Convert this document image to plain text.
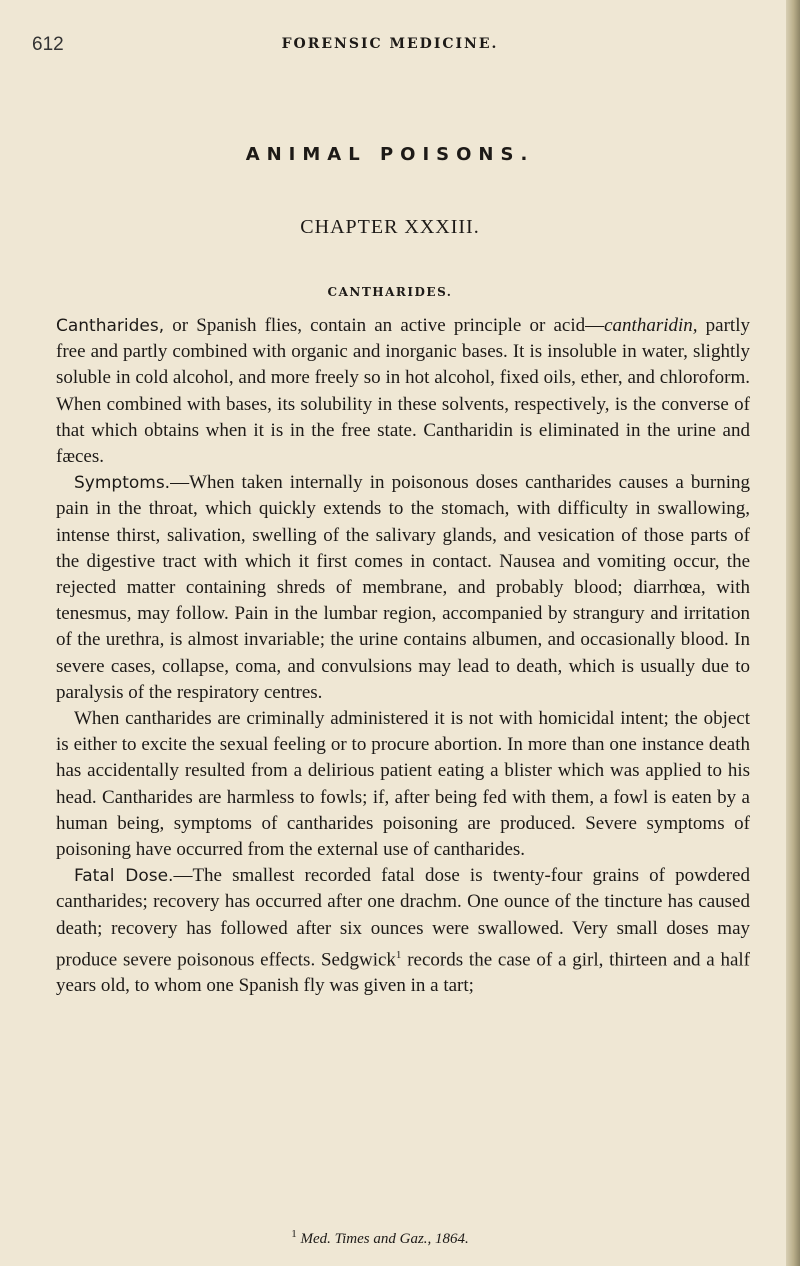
612	FORENSIC MEDICINE.
ANIMAL POISONS.
CHAPTER XXXIII.
CANTHARIDES.

Cantharides, or Spanish flies, contain an active principle or acid—cantharidin, partly free and partly combined with organic and inorganic bases. It is insoluble in water, slightly soluble in cold alcohol, and more freely so in hot alcohol, fixed oils, ether, and chloroform. When combined with bases, its solubility in these solvents, respectively, is the converse of that which obtains when it is in the free state. Cantharidin is eliminated in the urine and fæces.

Symptoms.—When taken internally in poisonous doses cantharides causes a burning pain in the throat, which quickly extends to the stomach, with difficulty in swallowing, intense thirst, salivation, swelling of the salivary glands, and vesication of those parts of the digestive tract with which it first comes in contact. Nausea and vomiting occur, the rejected matter containing shreds of membrane, and probably blood; diarrhœa, with tenesmus, may follow. Pain in the lumbar region, accompanied by strangury and irritation of the urethra, is almost invariable; the urine contains albumen, and occasionally blood. In severe cases, collapse, coma, and convulsions may lead to death, which is usually due to paralysis of the respiratory centres.

When cantharides are criminally administered it is not with homicidal intent; the object is either to excite the sexual feeling or to procure abortion. In more than one instance death has accidentally resulted from a delirious patient eating a blister which was applied to his head. Cantharides are harmless to fowls; if, after being fed with them, a fowl is eaten by a human being, symptoms of cantharides poisoning are produced. Severe symptoms of poisoning have occurred from the external use of cantharides.

Fatal Dose.—The smallest recorded fatal dose is twenty-four grains of powdered cantharides; recovery has occurred after one drachm. One ounce of the tincture has caused death; recovery has followed after six ounces were swallowed. Very small doses may produce severe poisonous effects. Sedgwick$^1$ records the case of a girl, thirteen and a half years old, to whom one Spanish fly was given in a tart;

$^1$ Med. Times and Gaz., 1864.
